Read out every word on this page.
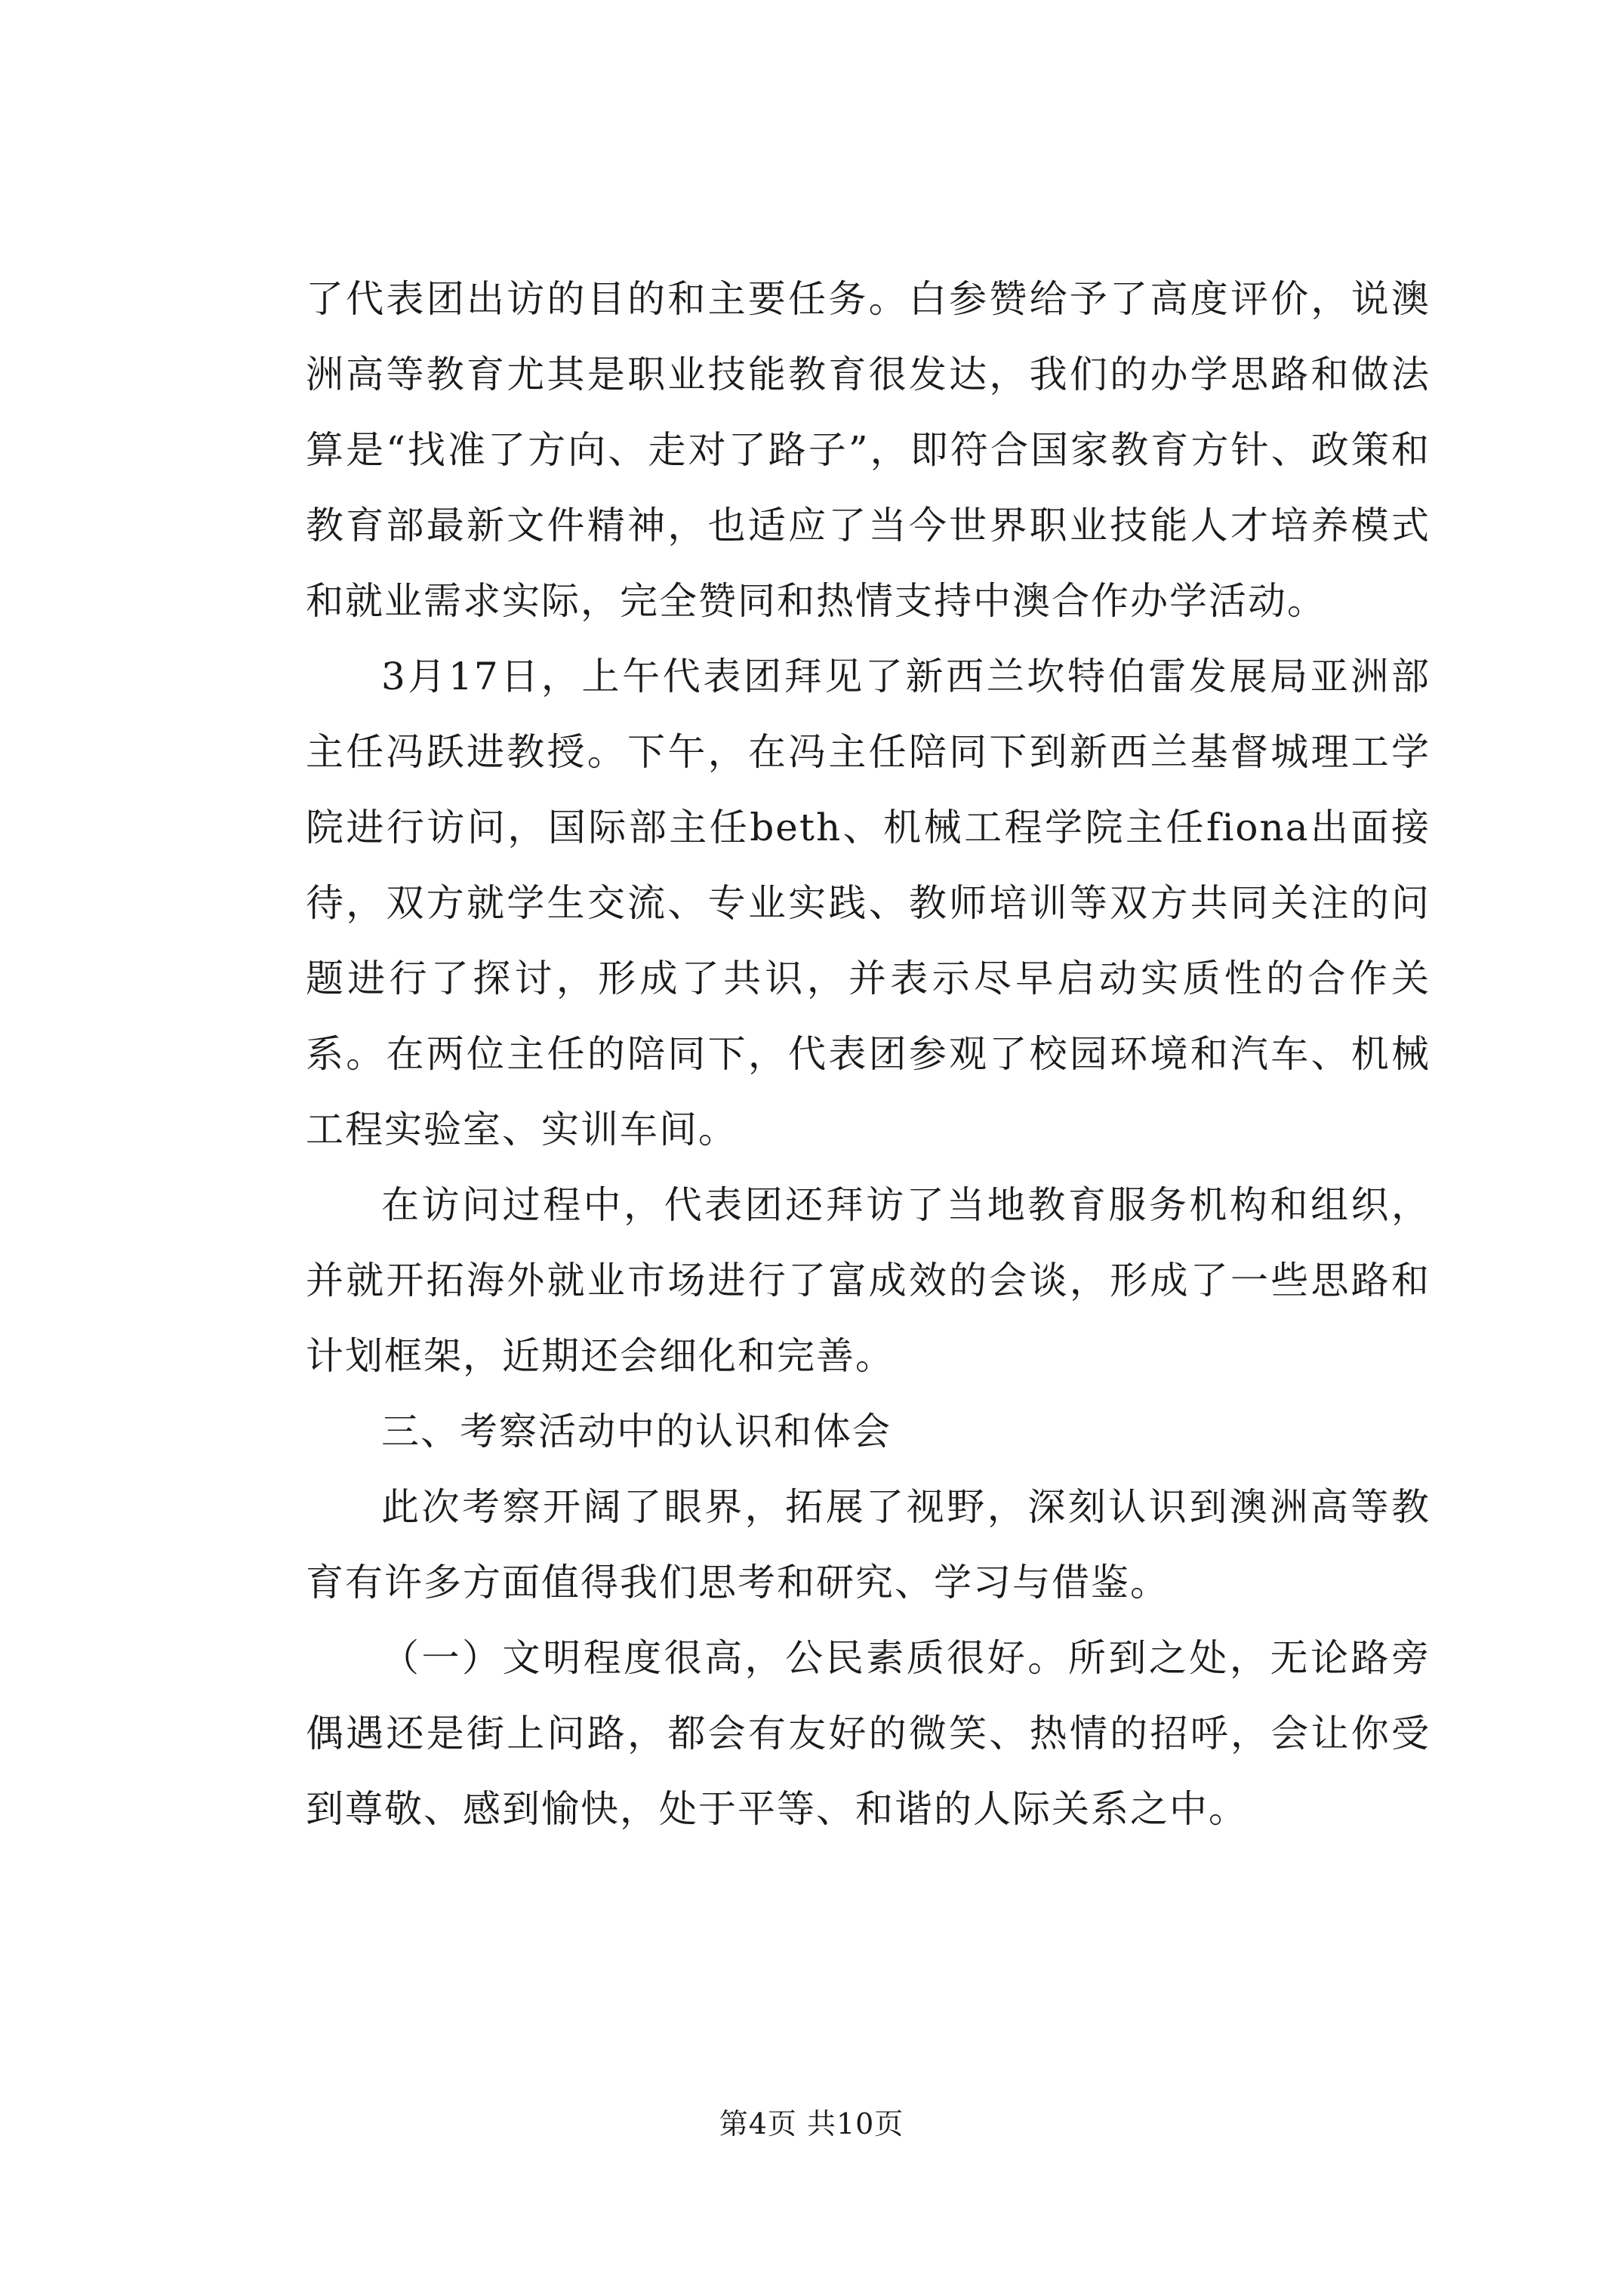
了代表团出访的目的和主要任务。白参赞给予了高度评价，说澳洲高等教育尤其是职业技能教育很发达，我们的办学思路和做法算是“找准了方向、走对了路子”，即符合国家教育方针、政策和教育部最新文件精神，也适应了当今世界职业技能人才培养模式和就业需求实际，完全赞同和热情支持中澳合作办学活动。

3月17日，上午代表团拜见了新西兰坎特伯雷发展局亚洲部主任冯跃进教授。下午，在冯主任陪同下到新西兰基督城理工学院进行访问，国际部主任beth、机械工程学院主任fiona出面接待，双方就学生交流、专业实践、教师培训等双方共同关注的问题进行了探讨，形成了共识，并表示尽早启动实质性的合作关系。在两位主任的陪同下，代表团参观了校园环境和汽车、机械工程实验室、实训车间。

在访问过程中，代表团还拜访了当地教育服务机构和组织，并就开拓海外就业市场进行了富成效的会谈，形成了一些思路和计划框架，近期还会细化和完善。

三、考察活动中的认识和体会

此次考察开阔了眼界，拓展了视野，深刻认识到澳洲高等教育有许多方面值得我们思考和研究、学习与借鉴。

（一）文明程度很高，公民素质很好。所到之处，无论路旁偶遇还是街上问路，都会有友好的微笑、热情的招呼，会让你受到尊敬、感到愉快，处于平等、和谐的人际关系之中。

第4页 共10页
